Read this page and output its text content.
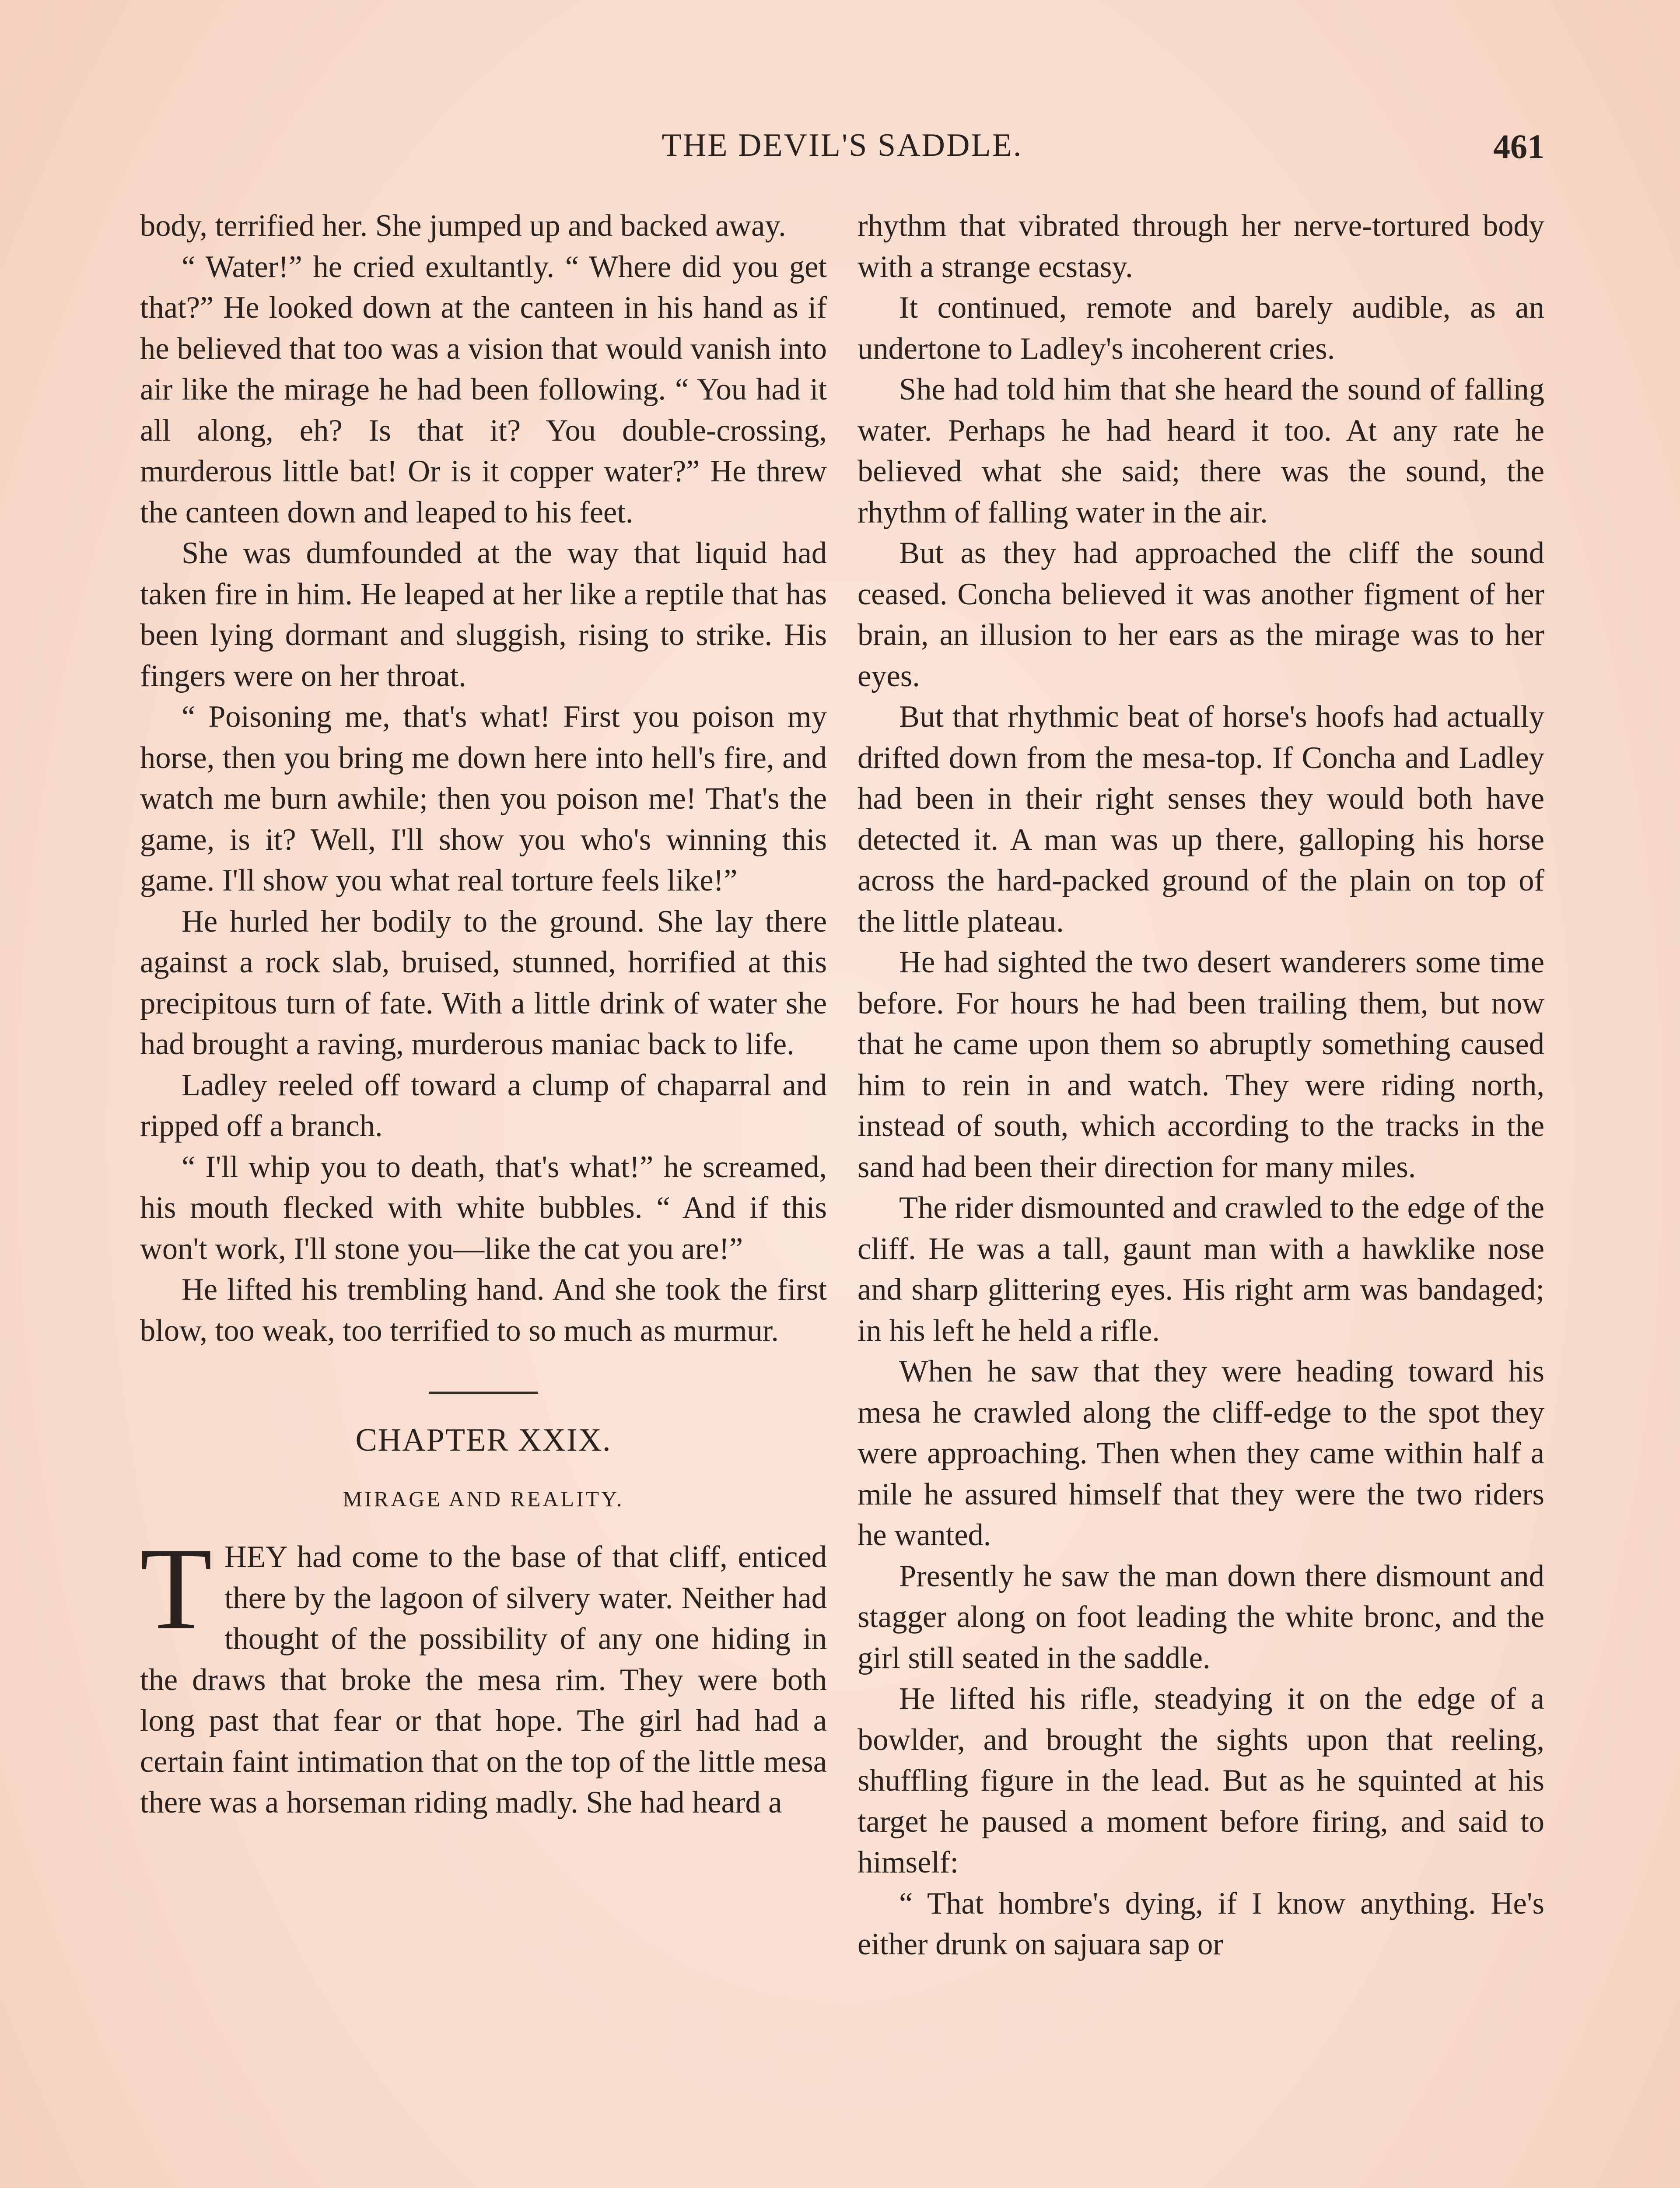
THE DEVIL'S SADDLE.	461

body, terrified her. She jumped up and backed away.

“ Water!” he cried exultantly. “ Where did you get that?” He looked down at the canteen in his hand as if he believed that too was a vision that would vanish into air like the mirage he had been following. “ You had it all along, eh? Is that it? You double-crossing, murderous little bat! Or is it copper water?” He threw the canteen down and leaped to his feet.

She was dumfounded at the way that liquid had taken fire in him. He leaped at her like a reptile that has been lying dormant and sluggish, rising to strike. His fingers were on her throat.

“ Poisoning me, that's what! First you poison my horse, then you bring me down here into hell's fire, and watch me burn awhile; then you poison me! That's the game, is it? Well, I'll show you who's winning this game. I'll show you what real torture feels like!”

He hurled her bodily to the ground. She lay there against a rock slab, bruised, stunned, horrified at this precipitous turn of fate. With a little drink of water she had brought a raving, murderous maniac back to life.

Ladley reeled off toward a clump of chaparral and ripped off a branch.

“ I'll whip you to death, that's what!” he screamed, his mouth flecked with white bubbles. “ And if this won't work, I'll stone you—like the cat you are!”

He lifted his trembling hand. And she took the first blow, too weak, too terrified to so much as murmur.

CHAPTER XXIX.

MIRAGE AND REALITY.

THEY had come to the base of that cliff, enticed there by the lagoon of silvery water. Neither had thought of the possibility of any one hiding in the draws that broke the mesa rim. They were both long past that fear or that hope. The girl had had a certain faint intimation that on the top of the little mesa there was a horseman riding madly. She had heard a

rhythm that vibrated through her nerve-tortured body with a strange ecstasy.

It continued, remote and barely audible, as an undertone to Ladley's incoherent cries.

She had told him that she heard the sound of falling water. Perhaps he had heard it too. At any rate he believed what she said; there was the sound, the rhythm of falling water in the air.

But as they had approached the cliff the sound ceased. Concha believed it was another figment of her brain, an illusion to her ears as the mirage was to her eyes.

But that rhythmic beat of horse's hoofs had actually drifted down from the mesa-top. If Concha and Ladley had been in their right senses they would both have detected it. A man was up there, galloping his horse across the hard-packed ground of the plain on top of the little plateau.

He had sighted the two desert wanderers some time before. For hours he had been trailing them, but now that he came upon them so abruptly something caused him to rein in and watch. They were riding north, instead of south, which according to the tracks in the sand had been their direction for many miles.

The rider dismounted and crawled to the edge of the cliff. He was a tall, gaunt man with a hawklike nose and sharp glittering eyes. His right arm was bandaged; in his left he held a rifle.

When he saw that they were heading toward his mesa he crawled along the cliff-edge to the spot they were approaching. Then when they came within half a mile he assured himself that they were the two riders he wanted.

Presently he saw the man down there dismount and stagger along on foot leading the white bronc, and the girl still seated in the saddle.

He lifted his rifle, steadying it on the edge of a bowlder, and brought the sights upon that reeling, shuffling figure in the lead. But as he squinted at his target he paused a moment before firing, and said to himself:

“ That hombre's dying, if I know anything. He's either drunk on sajuara sap or
